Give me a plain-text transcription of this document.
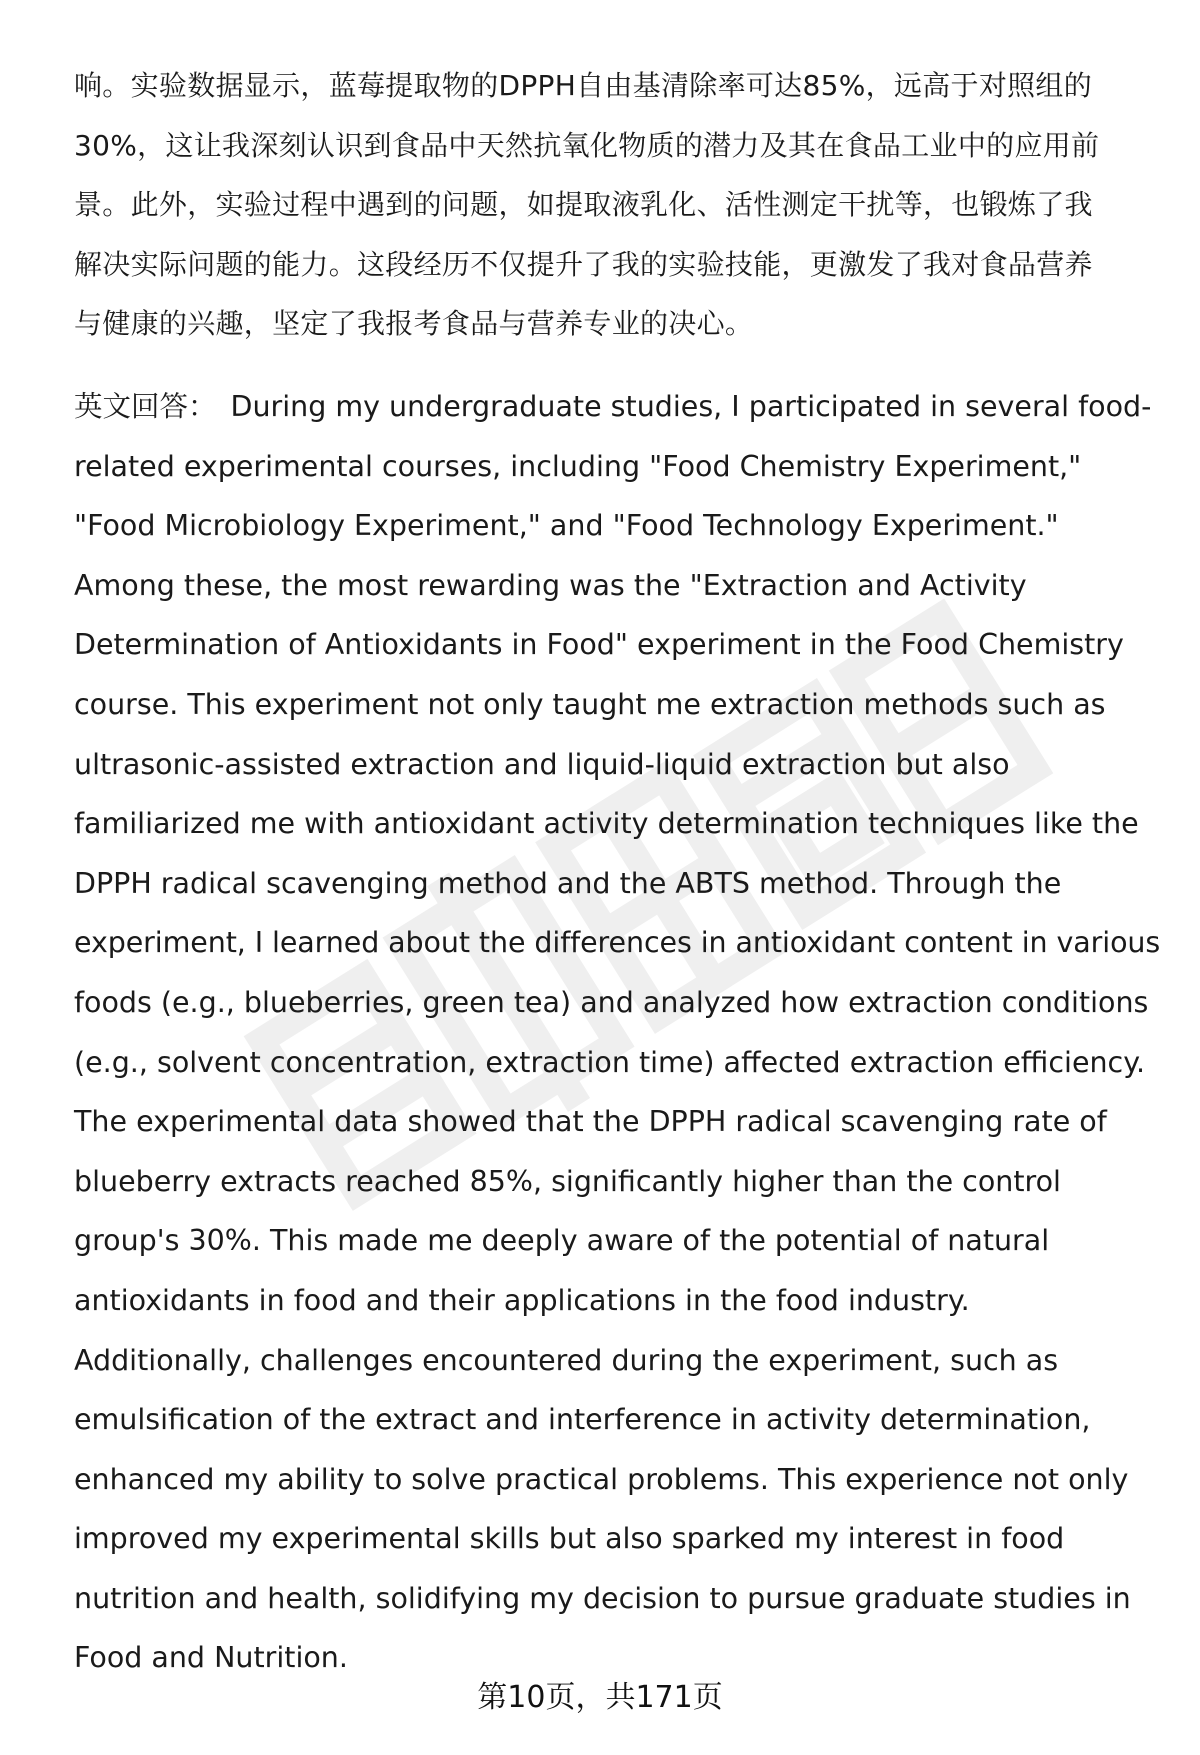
响。实验数据显示，蓝莓提取物的DPPH自由基清除率可达85%，远高于对照组的
30%，这让我深刻认识到食品中天然抗氧化物质的潜力及其在食品工业中的应用前
景。此外，实验过程中遇到的问题，如提取液乳化、活性测定干扰等，也锻炼了我
解决实际问题的能力。这段经历不仅提升了我的实验技能，更激发了我对食品营养
与健康的兴趣，坚定了我报考食品与营养专业的决心。
英文回答： During my undergraduate studies, I participated in several food-
related experimental courses, including "Food Chemistry Experiment,"
"Food Microbiology Experiment," and "Food Technology Experiment."
Among these, the most rewarding was the "Extraction and Activity
Determination of Antioxidants in Food" experiment in the Food Chemistry
course. This experiment not only taught me extraction methods such as
ultrasonic-assisted extraction and liquid-liquid extraction but also
familiarized me with antioxidant activity determination techniques like the
DPPH radical scavenging method and the ABTS method. Through the
experiment, I learned about the differences in antioxidant content in various
foods (e.g., blueberries, green tea) and analyzed how extraction conditions
(e.g., solvent concentration, extraction time) affected extraction efficiency.
The experimental data showed that the DPPH radical scavenging rate of
blueberry extracts reached 85%, significantly higher than the control
group's 30%. This made me deeply aware of the potential of natural
antioxidants in food and their applications in the food industry.
Additionally, challenges encountered during the experiment, such as
emulsification of the extract and interference in activity determination,
enhanced my ability to solve practical problems. This experience not only
improved my experimental skills but also sparked my interest in food
nutrition and health, solidifying my decision to pursue graduate studies in
Food and Nutrition.
第10页，共171页
